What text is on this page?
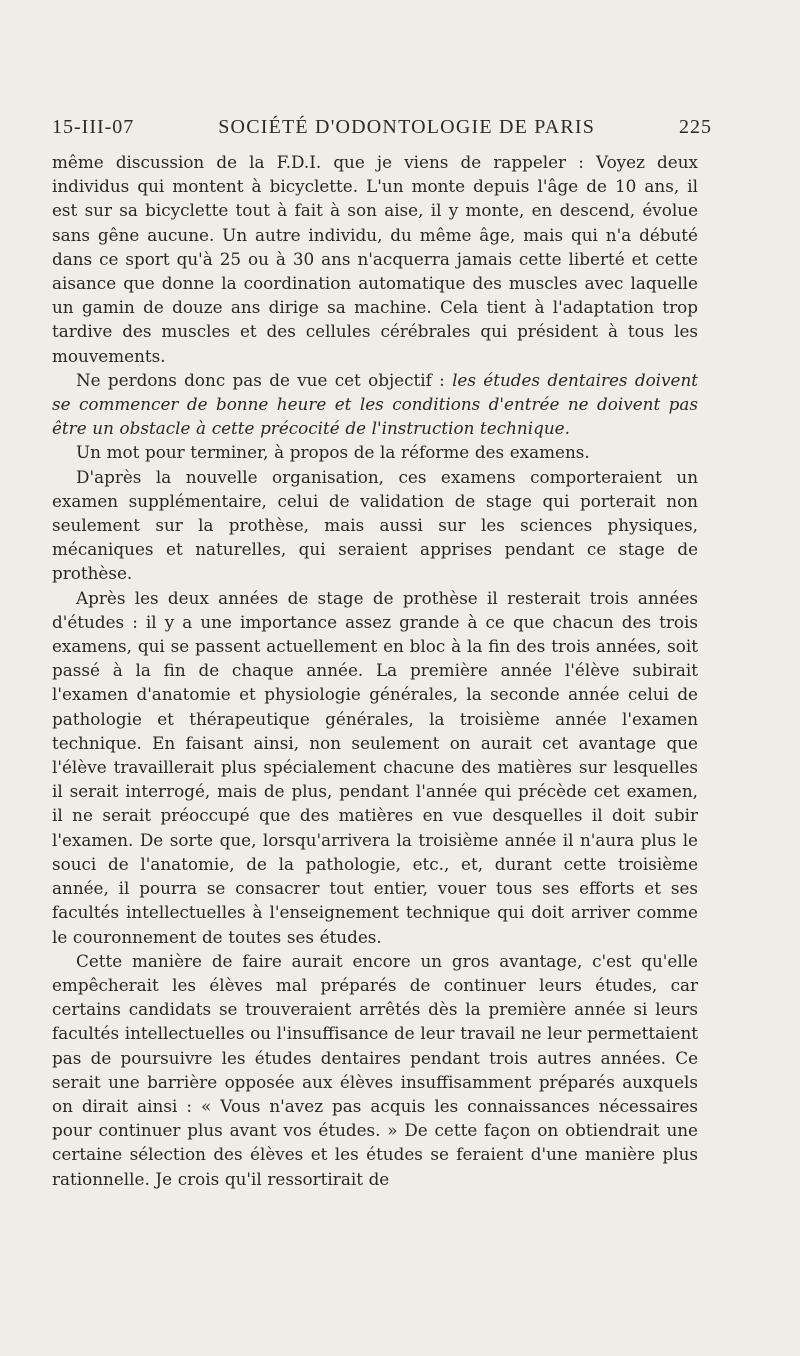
15-III-07	SOCIÉTÉ D'ODONTOLOGIE DE PARIS	225

même discussion de la F.D.I. que je viens de rappeler : Voyez deux individus qui montent à bicyclette. L'un monte depuis l'âge de 10 ans, il est sur sa bicyclette tout à fait à son aise, il y monte, en descend, évolue sans gêne aucune. Un autre individu, du même âge, mais qui n'a débuté dans ce sport qu'à 25 ou à 30 ans n'acquerra jamais cette liberté et cette aisance que donne la coordination automatique des muscles avec laquelle un gamin de douze ans dirige sa machine. Cela tient à l'adaptation trop tardive des muscles et des cellules cérébrales qui président à tous les mouvements.

Ne perdons donc pas de vue cet objectif : les études dentaires doivent se commencer de bonne heure et les conditions d'entrée ne doivent pas être un obstacle à cette précocité de l'instruction technique.

Un mot pour terminer, à propos de la réforme des examens.

D'après la nouvelle organisation, ces examens comporteraient un examen supplémentaire, celui de validation de stage qui porterait non seulement sur la prothèse, mais aussi sur les sciences physiques, mécaniques et naturelles, qui seraient apprises pendant ce stage de prothèse.

Après les deux années de stage de prothèse il resterait trois années d'études : il y a une importance assez grande à ce que chacun des trois examens, qui se passent actuellement en bloc à la fin des trois années, soit passé à la fin de chaque année. La première année l'élève subirait l'examen d'anatomie et physiologie générales, la seconde année celui de pathologie et thérapeutique générales, la troisième année l'examen technique. En faisant ainsi, non seulement on aurait cet avantage que l'élève travaillerait plus spécialement chacune des matières sur lesquelles il serait interrogé, mais de plus, pendant l'année qui précède cet examen, il ne serait préoccupé que des matières en vue desquelles il doit subir l'examen. De sorte que, lorsqu'arrivera la troisième année il n'aura plus le souci de l'anatomie, de la pathologie, etc., et, durant cette troisième année, il pourra se consacrer tout entier, vouer tous ses efforts et ses facultés intellectuelles à l'enseignement technique qui doit arriver comme le couronnement de toutes ses études.

Cette manière de faire aurait encore un gros avantage, c'est qu'elle empêcherait les élèves mal préparés de continuer leurs études, car certains candidats se trouveraient arrêtés dès la première année si leurs facultés intellectuelles ou l'insuffisance de leur travail ne leur permettaient pas de poursuivre les études dentaires pendant trois autres années. Ce serait une barrière opposée aux élèves insuffisamment préparés auxquels on dirait ainsi : « Vous n'avez pas acquis les connaissances nécessaires pour continuer plus avant vos études. » De cette façon on obtiendrait une certaine sélection des élèves et les études se feraient d'une manière plus rationnelle. Je crois qu'il ressortirait de
